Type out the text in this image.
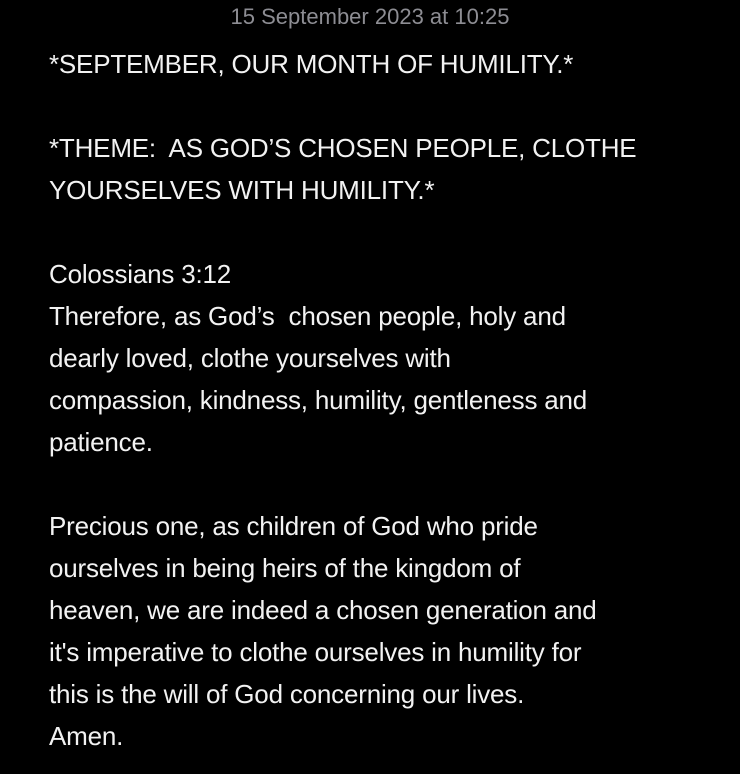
15 September 2023 at 10:25
*SEPTEMBER, OUR MONTH OF HUMILITY.*
*THEME:  AS GOD’S CHOSEN PEOPLE, CLOTHE
YOURSELVES WITH HUMILITY.*
Colossians 3:12
Therefore, as God’s  chosen people, holy and
dearly loved, clothe yourselves with
compassion, kindness, humility, gentleness and
patience.
Precious one, as children of God who pride
ourselves in being heirs of the kingdom of
heaven, we are indeed a chosen generation and
it's imperative to clothe ourselves in humility for
this is the will of God concerning our lives.
Amen.
